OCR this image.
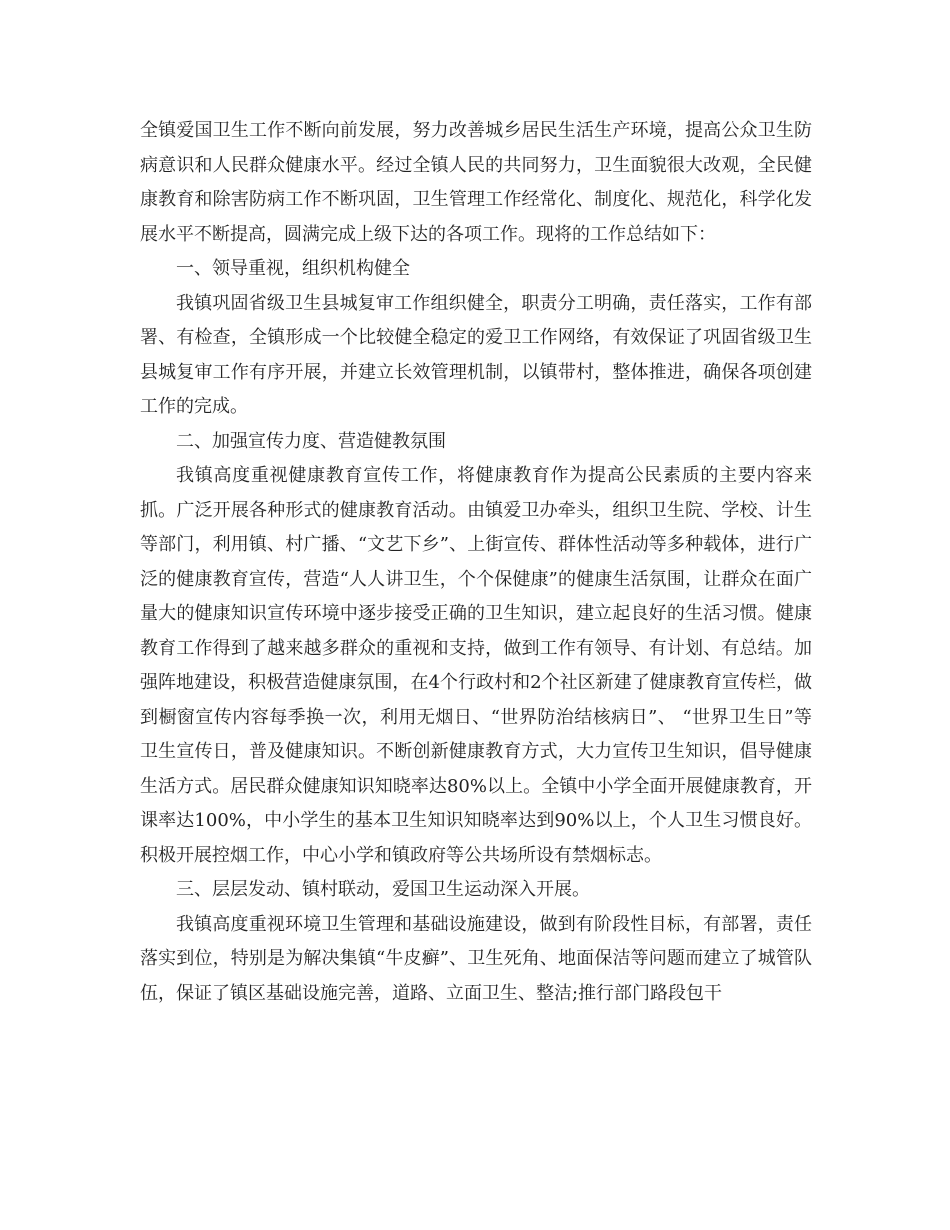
全镇爱国卫生工作不断向前发展，努力改善城乡居民生活生产环境，提高公众卫生防病意识和人民群众健康水平。经过全镇人民的共同努力，卫生面貌很大改观，全民健康教育和除害防病工作不断巩固，卫生管理工作经常化、制度化、规范化，科学化发展水平不断提高，圆满完成上级下达的各项工作。现将的工作总结如下：

一、领导重视，组织机构健全

我镇巩固省级卫生县城复审工作组织健全，职责分工明确，责任落实，工作有部署、有检查，全镇形成一个比较健全稳定的爱卫工作网络，有效保证了巩固省级卫生县城复审工作有序开展，并建立长效管理机制，以镇带村，整体推进，确保各项创建工作的完成。

二、加强宣传力度、营造健教氛围

我镇高度重视健康教育宣传工作，将健康教育作为提高公民素质的主要内容来抓。广泛开展各种形式的健康教育活动。由镇爱卫办牵头，组织卫生院、学校、计生等部门，利用镇、村广播、“文艺下乡”、上街宣传、群体性活动等多种载体，进行广泛的健康教育宣传，营造“人人讲卫生，个个保健康”的健康生活氛围，让群众在面广量大的健康知识宣传环境中逐步接受正确的卫生知识，建立起良好的生活习惯。健康教育工作得到了越来越多群众的重视和支持，做到工作有领导、有计划、有总结。加强阵地建设，积极营造健康氛围，在4个行政村和2个社区新建了健康教育宣传栏，做到橱窗宣传内容每季换一次，利用无烟日、“世界防治结核病日”、 “世界卫生日”等卫生宣传日，普及健康知识。不断创新健康教育方式，大力宣传卫生知识，倡导健康生活方式。居民群众健康知识知晓率达80%以上。全镇中小学全面开展健康教育，开课率达100%，中小学生的基本卫生知识知晓率达到90%以上，个人卫生习惯良好。积极开展控烟工作，中心小学和镇政府等公共场所设有禁烟标志。

三、层层发动、镇村联动，爱国卫生运动深入开展。

我镇高度重视环境卫生管理和基础设施建设，做到有阶段性目标，有部署，责任落实到位，特别是为解决集镇“牛皮癣”、卫生死角、地面保洁等问题而建立了城管队伍，保证了镇区基础设施完善，道路、立面卫生、整洁;推行部门路段包干
